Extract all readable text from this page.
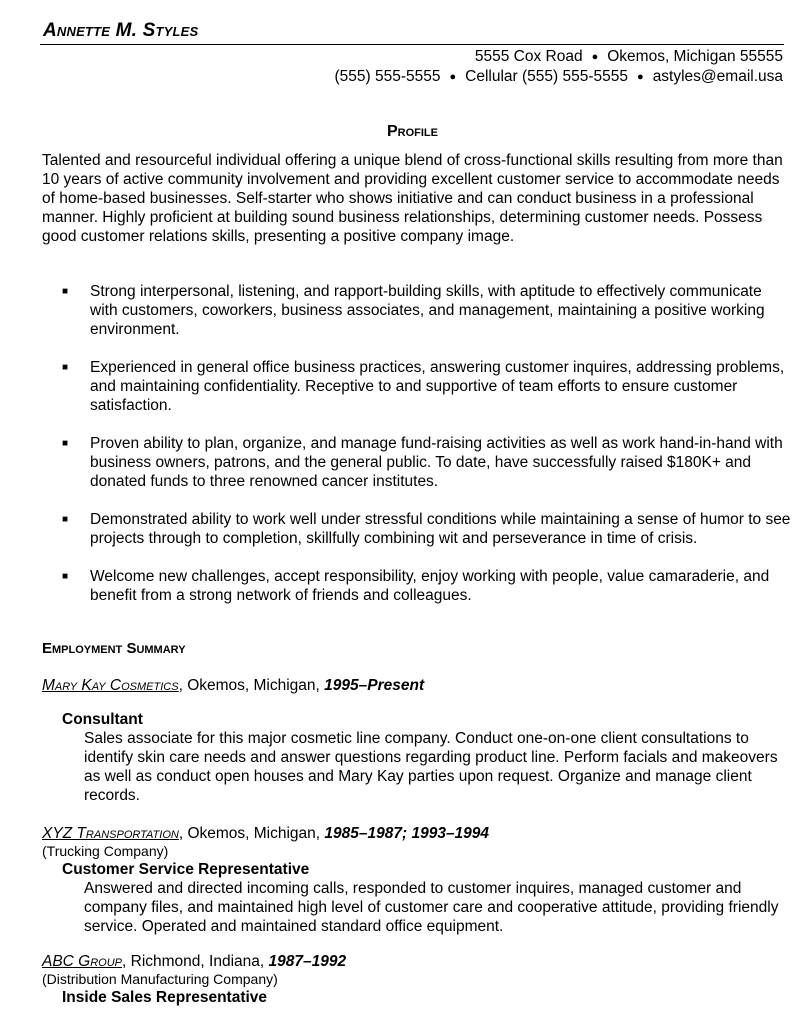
Annette M. Styles
5555 Cox Road ● Okemos, Michigan 55555
(555) 555-5555 ● Cellular (555) 555-5555 ● astyles@email.usa
Profile
Talented and resourceful individual offering a unique blend of cross-functional skills resulting from more than 10 years of active community involvement and providing excellent customer service to accommodate needs of home-based businesses. Self-starter who shows initiative and can conduct business in a professional manner. Highly proficient at building sound business relationships, determining customer needs. Possess good customer relations skills, presenting a positive company image.
■ Strong interpersonal, listening, and rapport-building skills, with aptitude to effectively communicate with customers, coworkers, business associates, and management, maintaining a positive working environment.
■ Experienced in general office business practices, answering customer inquires, addressing problems, and maintaining confidentiality. Receptive to and supportive of team efforts to ensure customer satisfaction.
■ Proven ability to plan, organize, and manage fund-raising activities as well as work hand-in-hand with business owners, patrons, and the general public. To date, have successfully raised $180K+ and donated funds to three renowned cancer institutes.
■ Demonstrated ability to work well under stressful conditions while maintaining a sense of humor to see projects through to completion, skillfully combining wit and perseverance in time of crisis.
■ Welcome new challenges, accept responsibility, enjoy working with people, value camaraderie, and benefit from a strong network of friends and colleagues.
Employment Summary
Mary Kay Cosmetics, Okemos, Michigan, 1995–Present
Consultant
Sales associate for this major cosmetic line company. Conduct one-on-one client consultations to identify skin care needs and answer questions regarding product line. Perform facials and makeovers as well as conduct open houses and Mary Kay parties upon request. Organize and manage client records.
XYZ Transportation, Okemos, Michigan, 1985–1987; 1993–1994
(Trucking Company)
Customer Service Representative
Answered and directed incoming calls, responded to customer inquires, managed customer and company files, and maintained high level of customer care and cooperative attitude, providing friendly service. Operated and maintained standard office equipment.
ABC Group, Richmond, Indiana, 1987–1992
(Distribution Manufacturing Company)
Inside Sales Representative
